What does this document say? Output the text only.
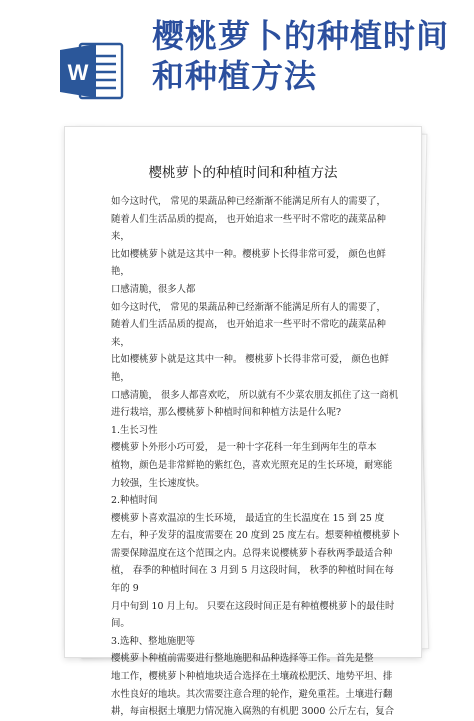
W
樱桃萝卜的种植时间和种植方法
樱桃萝卜的种植时间和种植方法

如今这时代， 常见的果蔬品种已经渐渐不能满足所有人的需要了，

随着人们生活品质的提高， 也开始追求一些平时不常吃的蔬菜品种来，

比如樱桃萝卜就是这其中一种。樱桃萝卜长得非常可爱， 颜色也鲜艳，

口感清脆，很多人都

如今这时代， 常见的果蔬品种已经渐渐不能满足所有人的需要了，

随着人们生活品质的提高， 也开始追求一些平时不常吃的蔬菜品种来，

比如樱桃萝卜就是这其中一种。 樱桃萝卜长得非常可爱， 颜色也鲜艳，

口感清脆， 很多人都喜欢吃， 所以就有不少菜农朋友抓住了这一商机

进行栽培，那么樱桃萝卜种植时间和种植方法是什么呢?

1.生长习性

樱桃萝卜外形小巧可爱， 是一种十字花科一年生到两年生的草本

植物，颜色是非常鲜艳的紫红色，喜欢光照充足的生长环境，耐寒能

力较强，生长速度快。

2.种植时间

樱桃萝卜喜欢温凉的生长环境， 最适宜的生长温度在 15 到 25 度

左右，种子发芽的温度需要在 20 度到 25 度左右。想要种植樱桃萝卜

需要保障温度在这个范围之内。总得来说樱桃萝卜春秋两季最适合种

植， 春季的种植时间在 3 月到 5 月这段时间， 秋季的种植时间在每年的 9

月中旬到 10 月上旬。 只要在这段时间正是有种植樱桃萝卜的最佳时间。

3.选种、整地施肥等

樱桃萝卜种植前需要进行整地施肥和品种选择等工作。首先是整

地工作，樱桃萝卜种植地块适合选择在土壤疏松肥沃、地势平坦、排

水性良好的地块。其次需要注意合理的轮作，避免重茬。土壤进行翻

耕，每亩根据土壤肥力情况施入腐熟的有机肥 3000 公斤左右，复合
